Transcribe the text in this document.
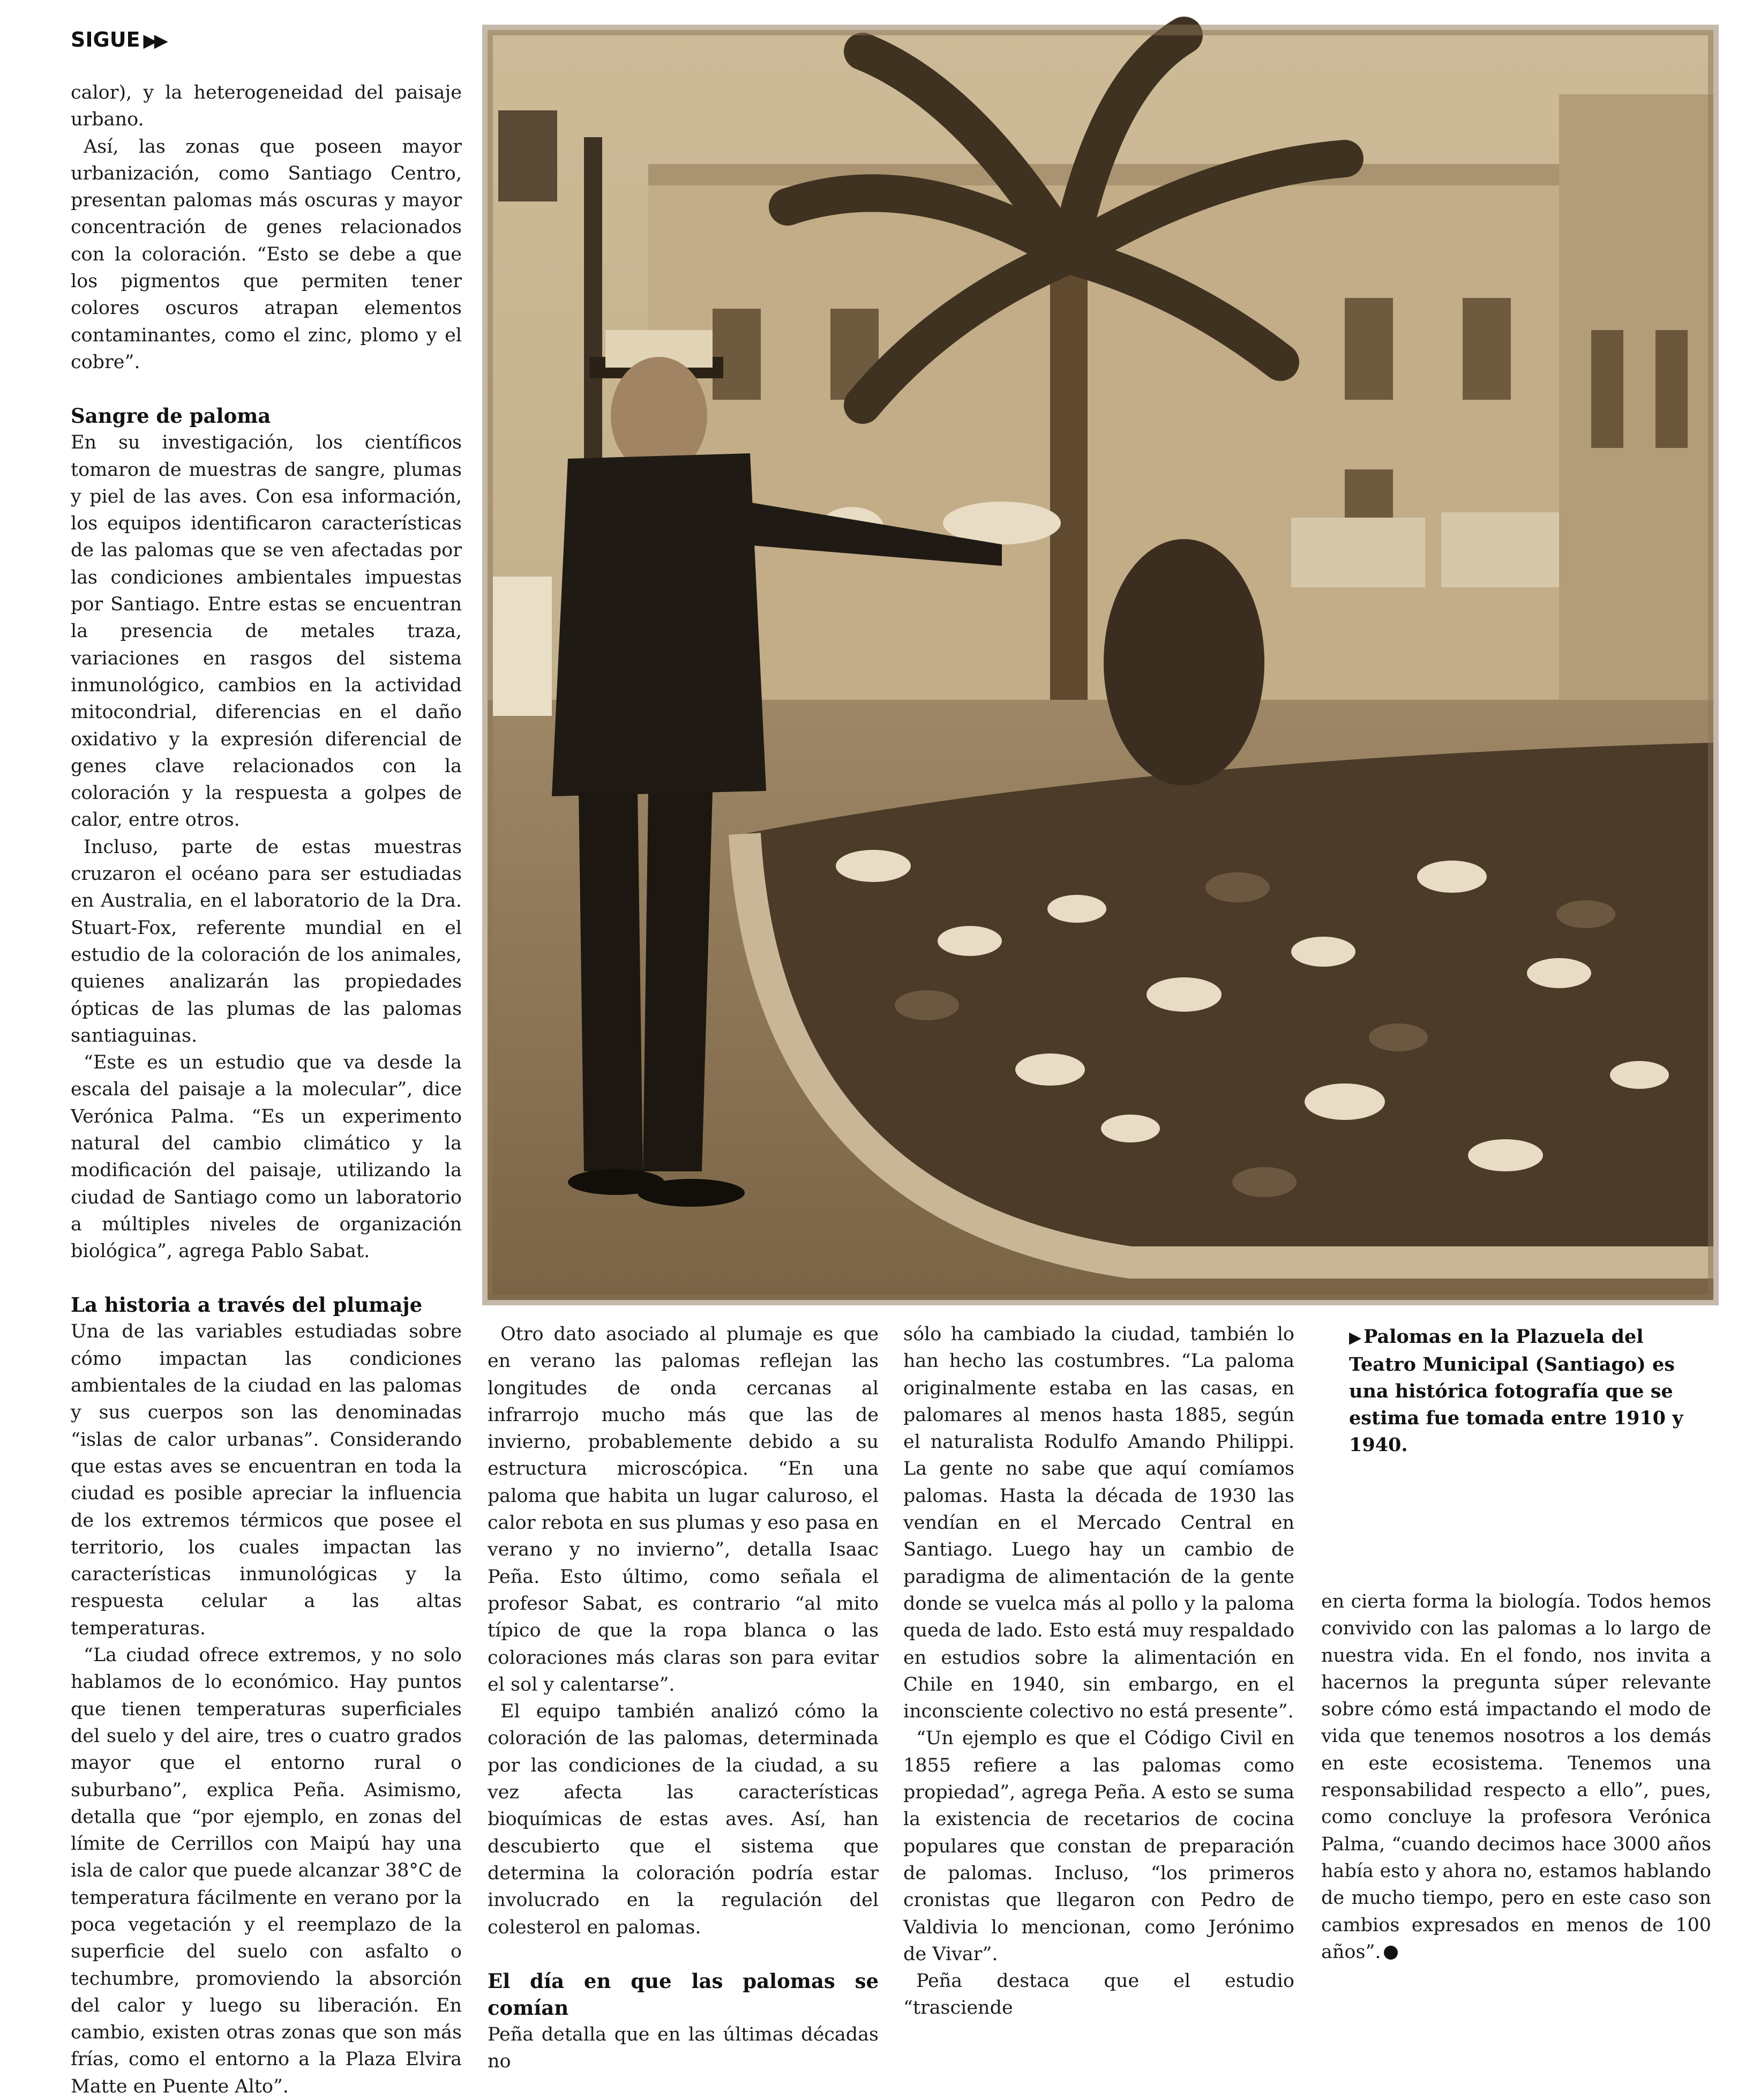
SIGUE ▶▶

calor), y la heterogeneidad del paisaje urbano.

Así, las zonas que poseen mayor urbanización, como Santiago Centro, presentan palomas más oscuras y mayor concentración de genes relacionados con la coloración. “Esto se debe a que los pigmentos que permiten tener colores oscuros atrapan elementos contaminantes, como el zinc, plomo y el cobre”.

Sangre de paloma

En su investigación, los científicos tomaron de muestras de sangre, plumas y piel de las aves. Con esa información, los equipos identificaron características de las palomas que se ven afectadas por las condiciones ambientales impuestas por Santiago. Entre estas se encuentran la presencia de metales traza, variaciones en rasgos del sistema inmunológico, cambios en la actividad mitocondrial, diferencias en el daño oxidativo y la expresión diferencial de genes clave relacionados con la coloración y la respuesta a golpes de calor, entre otros.

Incluso, parte de estas muestras cruzaron el océano para ser estudiadas en Australia, en el laboratorio de la Dra. Stuart-Fox, referente mundial en el estudio de la coloración de los animales, quienes analizarán las propiedades ópticas de las plumas de las palomas santiaguinas.

“Este es un estudio que va desde la escala del paisaje a la molecular”, dice Verónica Palma. “Es un experimento natural del cambio climático y la modificación del paisaje, utilizando la ciudad de Santiago como un laboratorio a múltiples niveles de organización biológica”, agrega Pablo Sabat.

La historia a través del plumaje

Una de las variables estudiadas sobre cómo impactan las condiciones ambientales de la ciudad en las palomas y sus cuerpos son las denominadas “islas de calor urbanas”. Considerando que estas aves se encuentran en toda la ciudad es posible apreciar la influencia de los extremos térmicos que posee el territorio, los cuales impactan las características inmunológicas y la respuesta celular a las altas temperaturas.

“La ciudad ofrece extremos, y no solo hablamos de lo económico. Hay puntos que tienen temperaturas superficiales del suelo y del aire, tres o cuatro grados mayor que el entorno rural o suburbano”, explica Peña. Asimismo, detalla que “por ejemplo, en zonas del límite de Cerrillos con Maipú hay una isla de calor que puede alcanzar 38°C de temperatura fácilmente en verano por la poca vegetación y el reemplazo de la superficie del suelo con asfalto o techumbre, promoviendo la absorción del calor y luego su liberación. En cambio, existen otras zonas que son más frías, como el entorno a la Plaza Elvira Matte en Puente Alto”.

Otro dato asociado al plumaje es que en verano las palomas reflejan las longitudes de onda cercanas al infrarrojo mucho más que las de invierno, probablemente debido a su estructura microscópica. “En una paloma que habita un lugar caluroso, el calor rebota en sus plumas y eso pasa en verano y no invierno”, detalla Isaac Peña. Esto último, como señala el profesor Sabat, es contrario “al mito típico de que la ropa blanca o las coloraciones más claras son para evitar el sol y calentarse”.

El equipo también analizó cómo la coloración de las palomas, determinada por las condiciones de la ciudad, a su vez afecta las características bioquímicas de estas aves. Así, han descubierto que el sistema que determina la coloración podría estar involucrado en la regulación del colesterol en palomas.

El día en que las palomas se comían

Peña detalla que en las últimas décadas no

sólo ha cambiado la ciudad, también lo han hecho las costumbres. “La paloma originalmente estaba en las casas, en palomares al menos hasta 1885, según el naturalista Rodulfo Amando Philippi. La gente no sabe que aquí comíamos palomas. Hasta la década de 1930 las vendían en el Mercado Central en Santiago. Luego hay un cambio de paradigma de alimentación de la gente donde se vuelca más al pollo y la paloma queda de lado. Esto está muy respaldado en estudios sobre la alimentación en Chile en 1940, sin embargo, en el inconsciente colectivo no está presente”.

“Un ejemplo es que el Código Civil en 1855 refiere a las palomas como propiedad”, agrega Peña. A esto se suma la existencia de recetarios de cocina populares que constan de preparación de palomas. Incluso, “los primeros cronistas que llegaron con Pedro de Valdivia lo mencionan, como Jerónimo de Vivar”.

Peña destaca que el estudio “trasciende

▶ Palomas en la Plazuela del Teatro Municipal (Santiago) es una histórica fotografía que se estima fue tomada entre 1910 y 1940.

en cierta forma la biología. Todos hemos convivido con las palomas a lo largo de nuestra vida. En el fondo, nos invita a hacernos la pregunta súper relevante sobre cómo está impactando el modo de vida que tenemos nosotros a los demás en este ecosistema. Tenemos una responsabilidad respecto a ello”, pues, como concluye la profesora Verónica Palma, “cuando decimos hace 3000 años había esto y ahora no, estamos hablando de mucho tiempo, pero en este caso son cambios expresados en menos de 100 años”.
